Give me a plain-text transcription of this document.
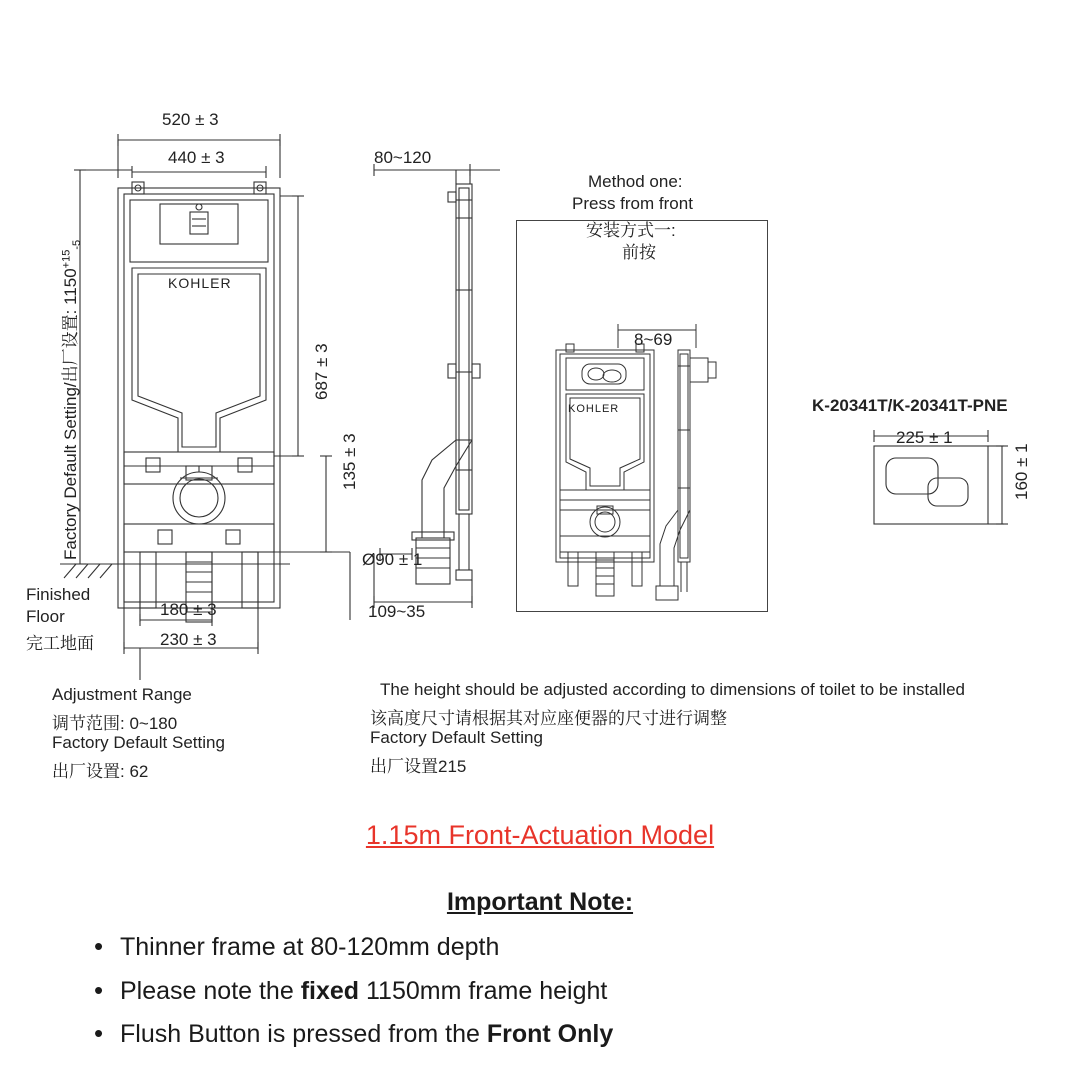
520 ± 3
440 ± 3
Factory Default Setting/出厂设置: $1150^{+15}_{-5}$
687 ± 3
135 ± 3
KOHLER
180 ± 3
230 ± 3
Finished
Floor
完工地面
Adjustment Range
调节范围: 0~180
Factory Default Setting
出厂设置: 62
80~120
Ø90 ± 1
109~35
Method one:
Press from front
安装方式一:
前按
8~69
KOHLER	K-20341T/K-20341T-PNE
225 ± 1
160 ± 1
The height should be adjusted according to dimensions of toilet to be installed
该高度尺寸请根据其对应座便器的尺寸进行调整
Factory Default Setting
出厂设置215
1.15m Front-Actuation Model
Important Note:
• Thinner frame at 80-120mm depth
• Please note the fixed 1150mm frame height
• Flush Button is pressed from the Front Only
